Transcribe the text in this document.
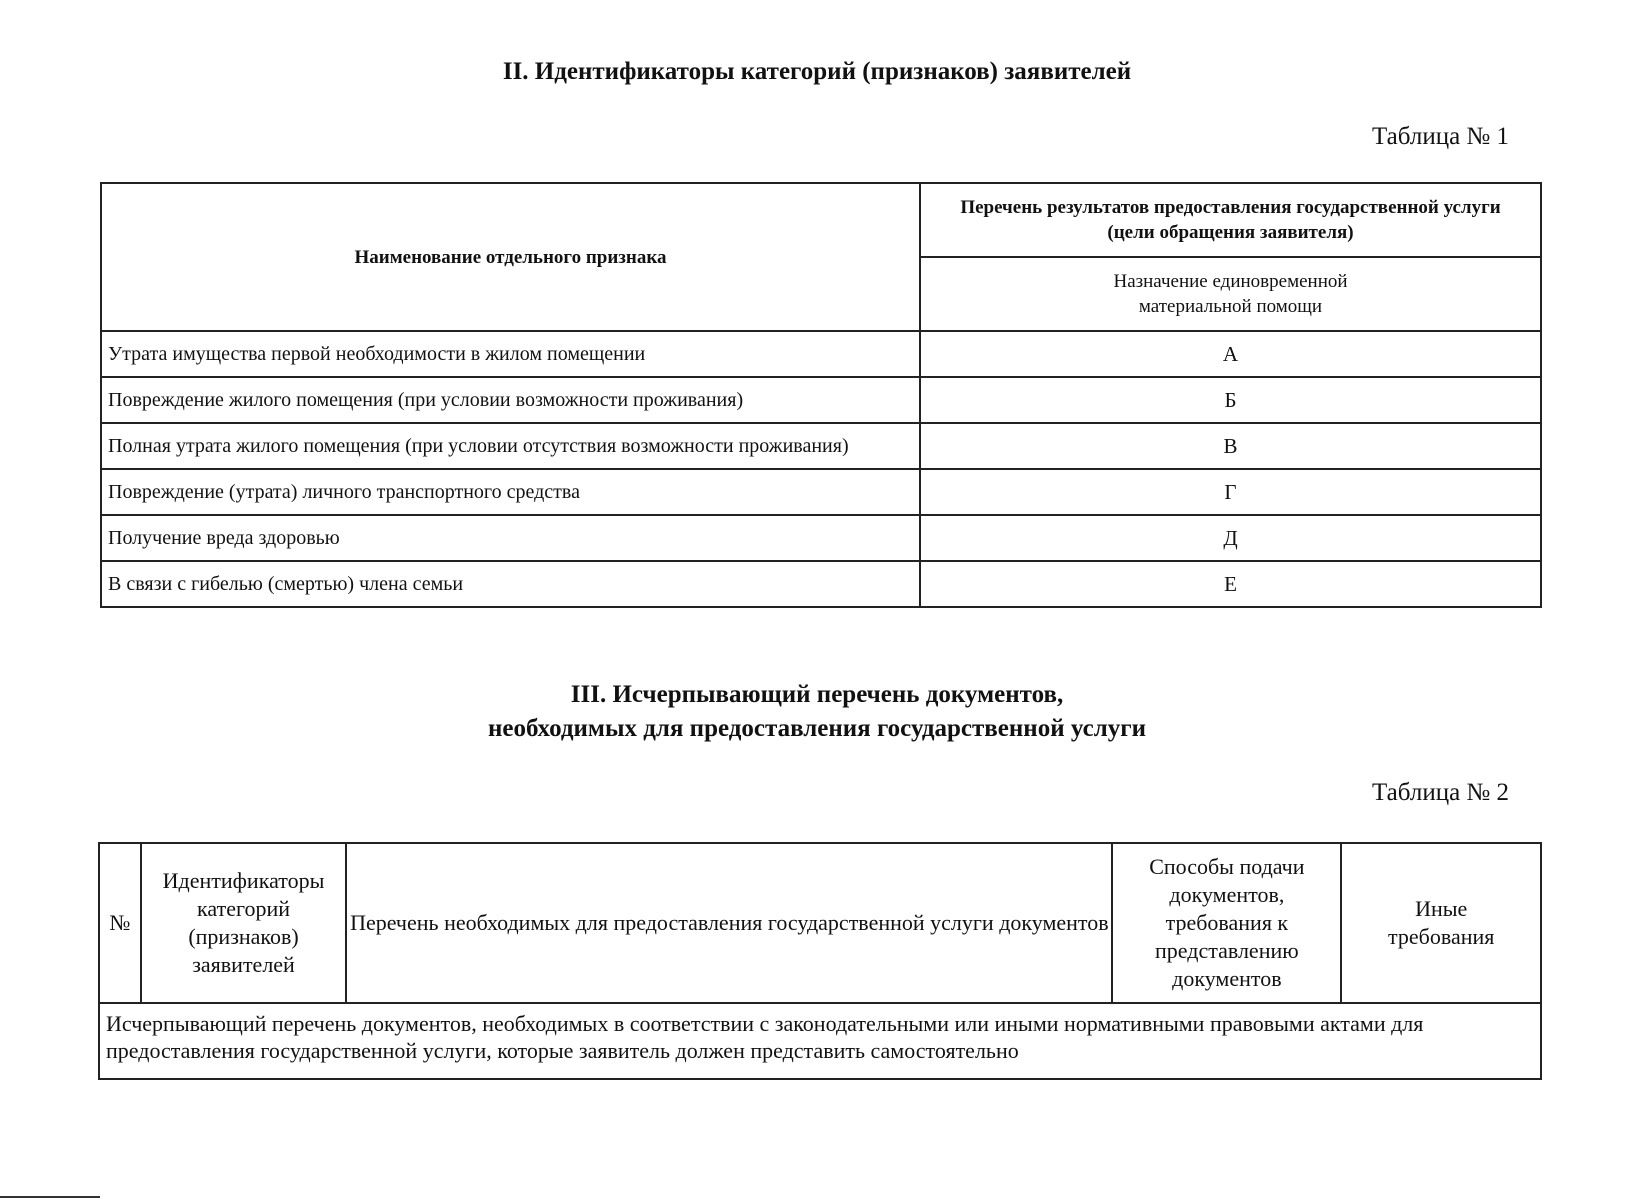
II. Идентификаторы категорий (признаков) заявителей

Таблица № 1

Наименование отдельного признака	Перечень результатов предоставления государственной услуги (цели обращения заявителя)
	Назначение единовременной материальной помощи
Утрата имущества первой необходимости в жилом помещении	А
Повреждение жилого помещения (при условии возможности проживания)	Б
Полная утрата жилого помещения (при условии отсутствия возможности проживания)	В
Повреждение (утрата) личного транспортного средства	Г
Получение вреда здоровью	Д
В связи с гибелью (смертью) члена семьи	Е
III. Исчерпывающий перечень документов,
необходимых для предоставления государственной услуги

Таблица № 2

№	Идентификаторы категорий (признаков) заявителей	Перечень необходимых для предоставления государственной услуги документов	Способы подачи документов, требования к представлению документов	Иные требования
Исчерпывающий перечень документов, необходимых в соответствии с законодательными или иными нормативными правовыми актами для предоставления государственной услуги, которые заявитель должен представить самостоятельно
